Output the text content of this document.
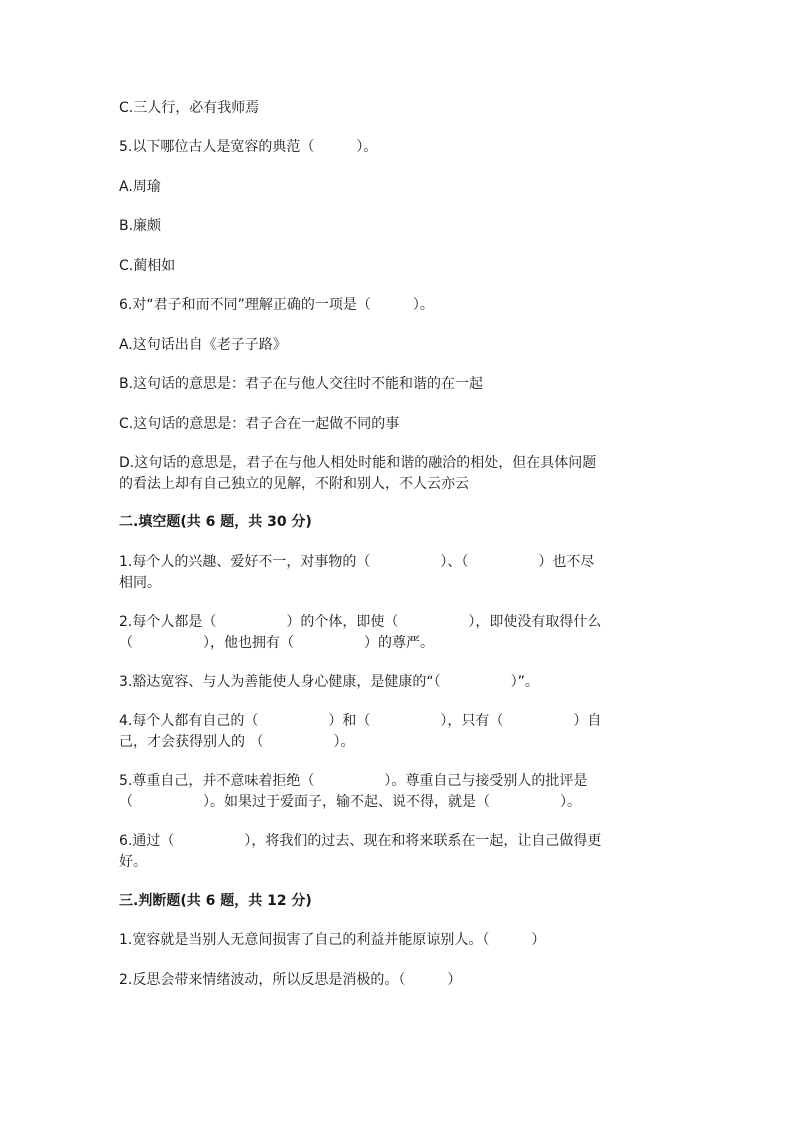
C.三人行，必有我师焉
5.以下哪位古人是宽容的典范（　　　）。
A.周瑜
B.廉颇
C.蔺相如
6.对“君子和而不同”理解正确的一项是（　　　）。
A.这句话出自《老子子路》
B.这句话的意思是：君子在与他人交往时不能和谐的在一起
C.这句话的意思是：君子合在一起做不同的事
D.这句话的意思是，君子在与他人相处时能和谐的融洽的相处，但在具体问题
的看法上却有自己独立的见解，不附和别人，不人云亦云
二.填空题(共 6 题，共 30 分)
1.每个人的兴趣、爱好不一，对事物的（　　　　　）、（　　　　　）也不尽
相同。
2.每个人都是（　　　　　）的个体，即使（　　　　　），即使没有取得什么
（　　　　　），他也拥有（　　　　　）的尊严。
3.豁达宽容、与人为善能使人身心健康，是健康的“（　　　　　）”。
4.每个人都有自己的（　　　　　）和（　　　　　），只有（　　　　　）自
己，才会获得别人的 （　　　　　）。
5.尊重自己，并不意味着拒绝（　　　　　）。尊重自己与接受别人的批评是
（　　　　　）。如果过于爱面子，输不起、说不得，就是（　　　　　）。
6.通过（　　　　　），将我们的过去、现在和将来联系在一起，让自己做得更
好。
三.判断题(共 6 题，共 12 分)
1.宽容就是当别人无意间损害了自己的利益并能原谅别人。（　　　）
2.反思会带来情绪波动，所以反思是消极的。（　　　）
